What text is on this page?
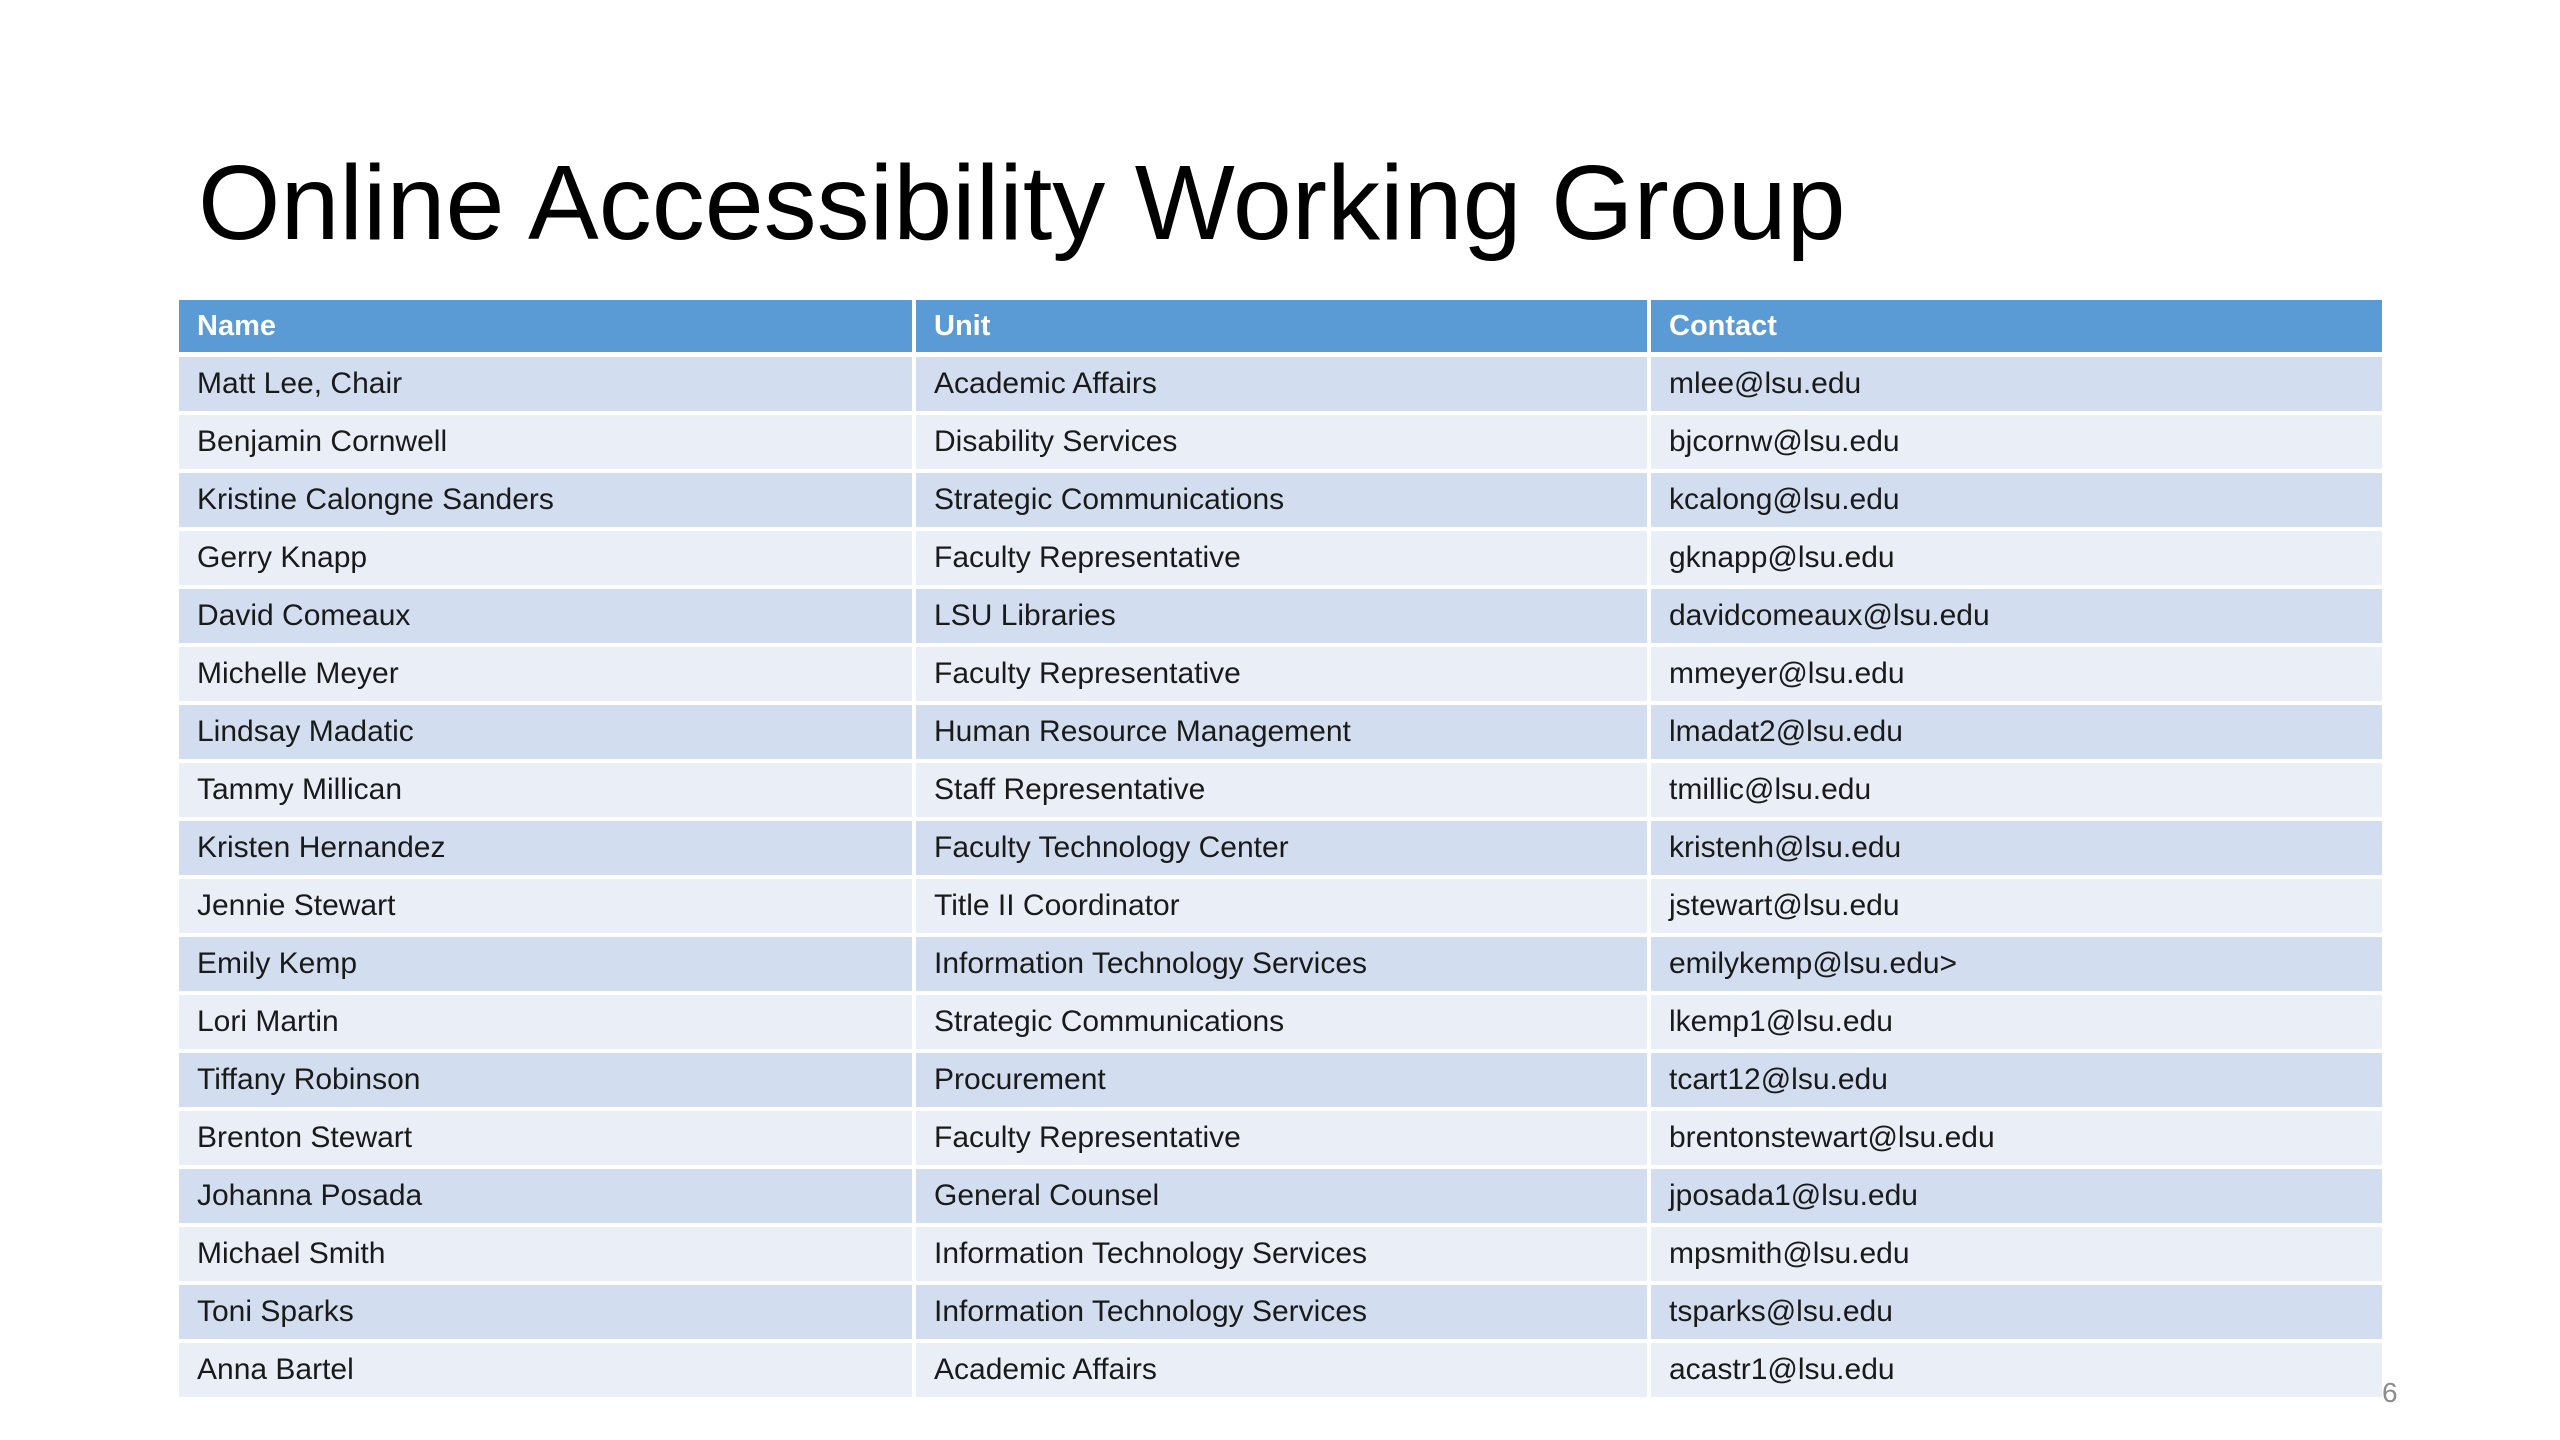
Online Accessibility Working Group
Name	Unit	Contact
Matt Lee, Chair	Academic Affairs	mlee@lsu.edu
Benjamin Cornwell	Disability Services	bjcornw@lsu.edu
Kristine Calongne Sanders	Strategic Communications	kcalong@lsu.edu
Gerry Knapp	Faculty Representative	gknapp@lsu.edu
David Comeaux	LSU Libraries	davidcomeaux@lsu.edu
Michelle Meyer	Faculty Representative	mmeyer@lsu.edu
Lindsay Madatic	Human Resource Management	lmadat2@lsu.edu
Tammy Millican	Staff Representative	tmillic@lsu.edu
Kristen Hernandez	Faculty Technology Center	kristenh@lsu.edu
Jennie Stewart	Title II Coordinator	jstewart@lsu.edu
Emily Kemp	Information Technology Services	emilykemp@lsu.edu>
Lori Martin	Strategic Communications	lkemp1@lsu.edu
Tiffany Robinson	Procurement	tcart12@lsu.edu
Brenton Stewart	Faculty Representative	brentonstewart@lsu.edu
Johanna Posada	General Counsel	jposada1@lsu.edu
Michael Smith	Information Technology Services	mpsmith@lsu.edu
Toni Sparks	Information Technology Services	tsparks@lsu.edu
Anna Bartel	Academic Affairs	acastr1@lsu.edu
6
